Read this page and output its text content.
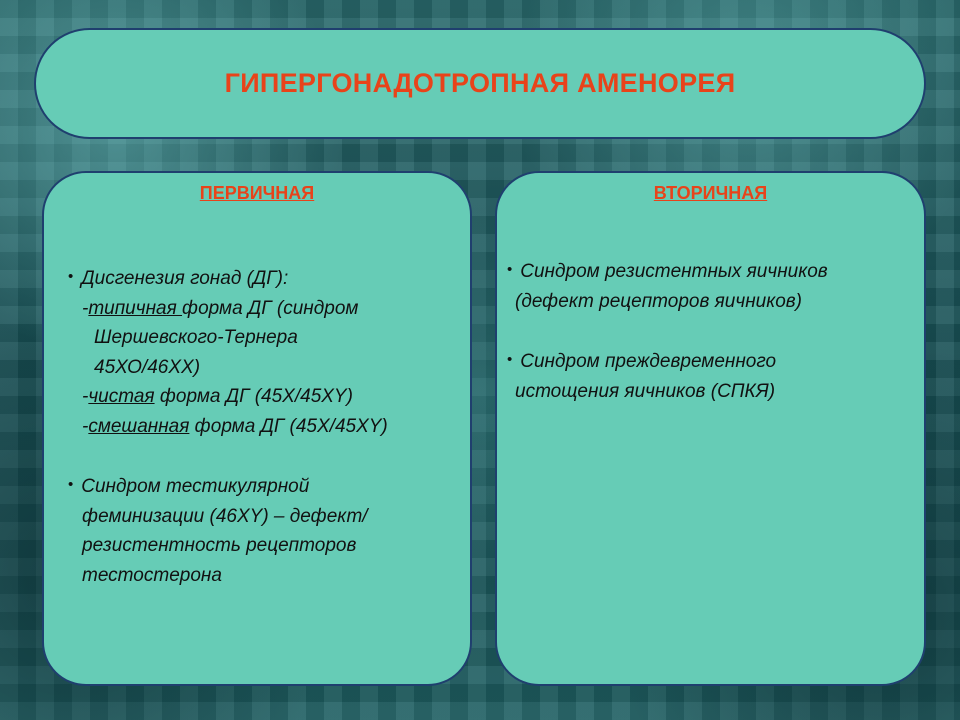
ГИПЕРГОНАДОТРОПНАЯ АМЕНОРЕЯ
ПЕРВИЧНАЯ
• Дисгенезия гонад (ДГ):
-типичная форма ДГ (синдром
Шершевского-Тернера
45ХО/46ХХ)
-чистая форма ДГ (45Х/45ХY)
-смешанная форма ДГ (45Х/45ХY)
• Синдром тестикулярной
феминизации (46ХY) – дефект/
резистентность рецепторов
тестостерона
ВТОРИЧНАЯ
• Синдром резистентных яичников
(дефект рецепторов яичников)
• Синдром преждевременного
истощения яичников (СПКЯ)
